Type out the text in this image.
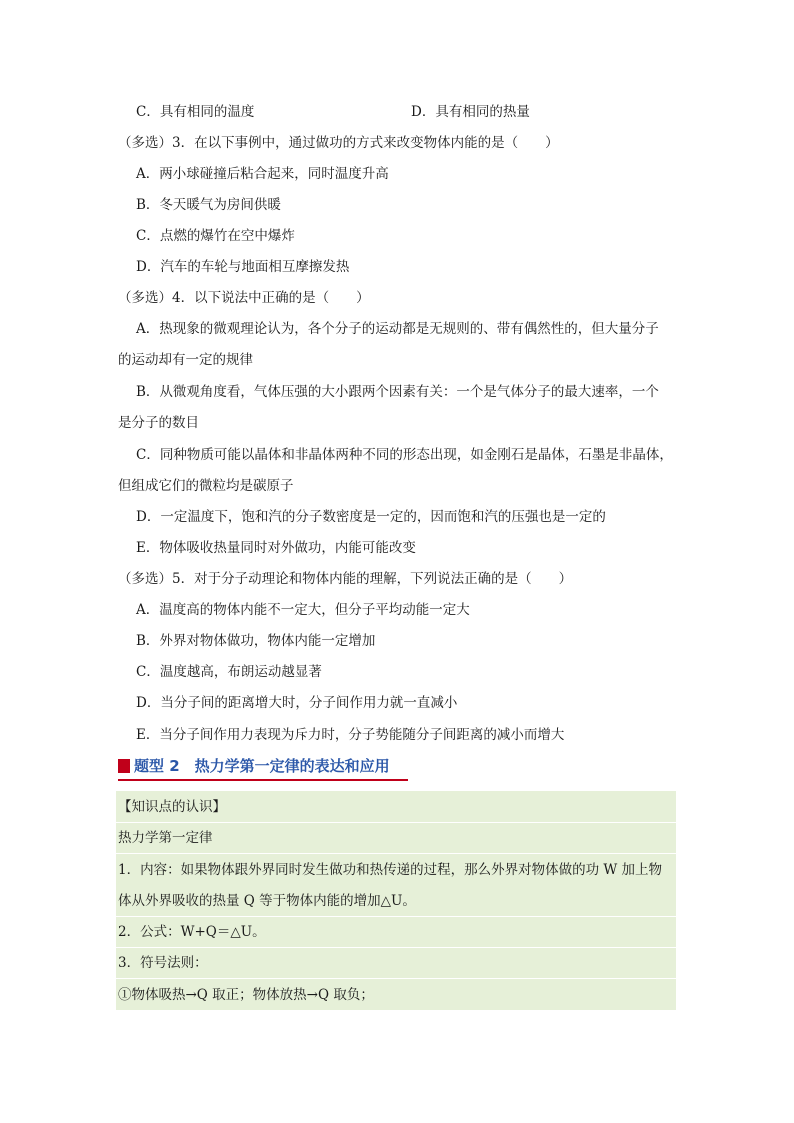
C．具有相同的温度	D．具有相同的热量
（多选）3．在以下事例中，通过做功的方式来改变物体内能的是（　　）
A．两小球碰撞后粘合起来，同时温度升高
B．冬天暖气为房间供暖
C．点燃的爆竹在空中爆炸
D．汽车的车轮与地面相互摩擦发热
（多选）4．以下说法中正确的是（　　）
A．热现象的微观理论认为，各个分子的运动都是无规则的、带有偶然性的，但大量分子
的运动却有一定的规律
B．从微观角度看，气体压强的大小跟两个因素有关：一个是气体分子的最大速率，一个
是分子的数目
C．同种物质可能以晶体和非晶体两种不同的形态出现，如金刚石是晶体，石墨是非晶体，
但组成它们的微粒均是碳原子
D．一定温度下，饱和汽的分子数密度是一定的，因而饱和汽的压强也是一定的
E．物体吸收热量同时对外做功，内能可能改变
（多选）5．对于分子动理论和物体内能的理解，下列说法正确的是（　　）
A．温度高的物体内能不一定大，但分子平均动能一定大
B．外界对物体做功，物体内能一定增加
C．温度越高，布朗运动越显著
D．当分子间的距离增大时，分子间作用力就一直减小
E．当分子间作用力表现为斥力时，分子势能随分子间距离的减小而增大
题型 2　热力学第一定律的表达和应用
【知识点的认识】
热力学第一定律
1．内容：如果物体跟外界同时发生做功和热传递的过程，那么外界对物体做的功 W 加上物
体从外界吸收的热量 Q 等于物体内能的增加△U。
2．公式：W+Q＝△U。
3．符号法则：
①物体吸热→Q 取正；物体放热→Q 取负；
